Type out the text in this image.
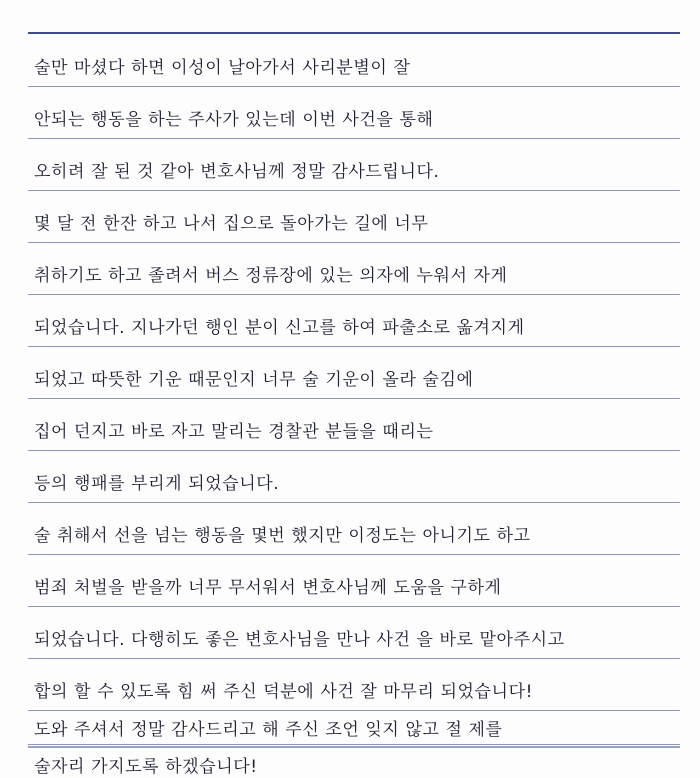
술만 마셨다 하면 이성이 날아가서 사리분별이 잘
안되는 행동을 하는 주사가 있는데 이번 사건을 통해
오히려 잘 된 것 같아 변호사님께 정말 감사드립니다.
몇 달 전 한잔 하고 나서 집으로 돌아가는 길에 너무
취하기도 하고 졸려서 버스 정류장에 있는 의자에 누워서 자게
되었습니다. 지나가던 행인 분이 신고를 하여 파출소로 옮겨지게
되었고 따뜻한 기운 때문인지 너무 술 기운이 올라 술김에
집어 던지고 바로 자고 말리는 경찰관 분들을 때리는
등의 행패를 부리게 되었습니다.
술 취해서 선을 넘는 행동을 몇번 했지만 이정도는 아니기도 하고
범죄 처벌을 받을까 너무 무서워서 변호사님께 도움을 구하게
되었습니다. 다행히도 좋은 변호사님을 만나 사건 을 바로 맡아주시고
합의 할 수 있도록 힘 써 주신 덕분에 사건 잘 마무리 되었습니다!
도와 주셔서 정말 감사드리고 해 주신 조언 잊지 않고 절 제를
술자리 가지도록 하겠습니다!
